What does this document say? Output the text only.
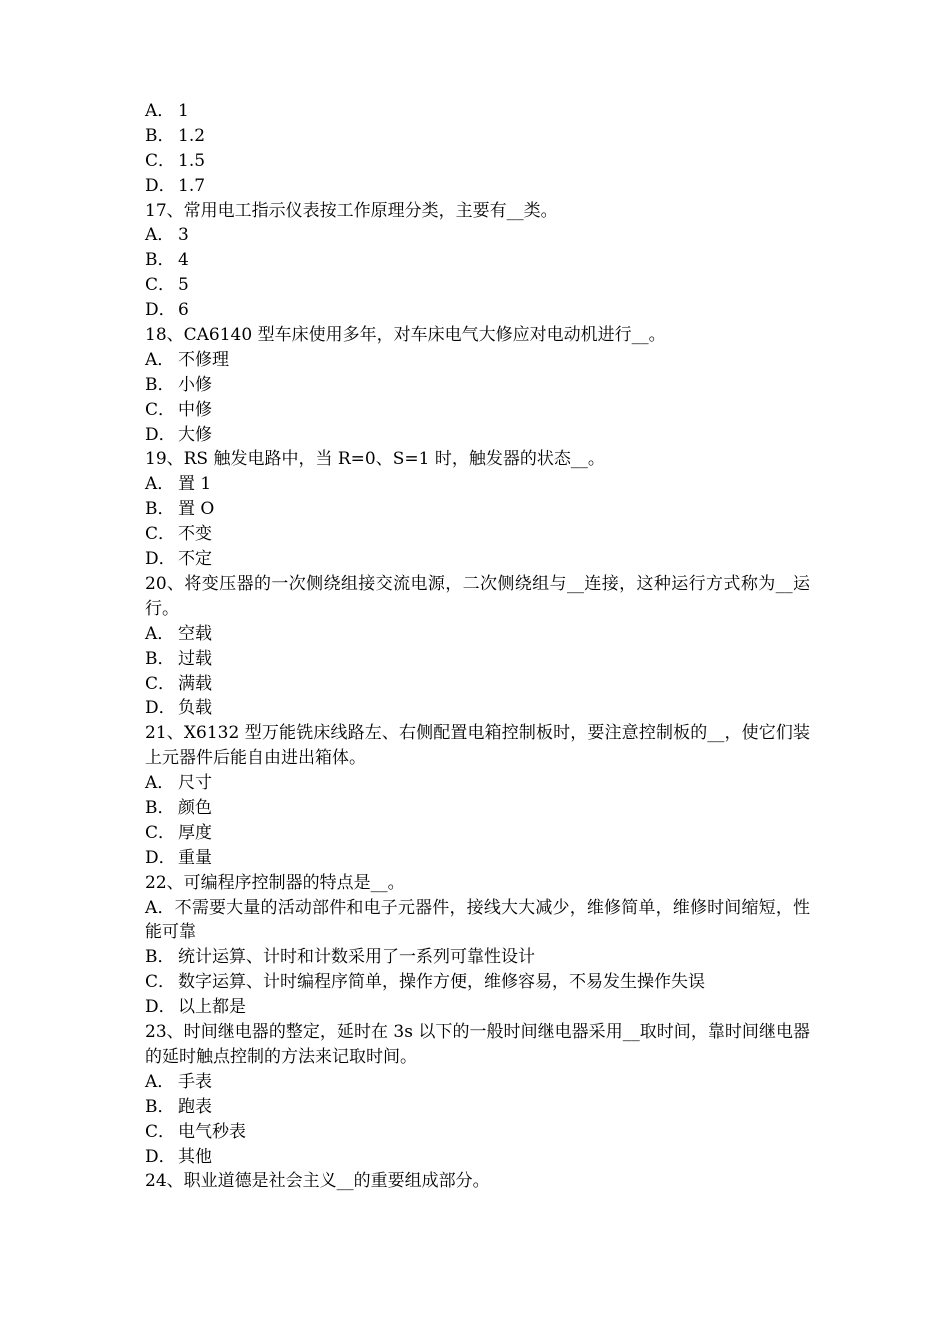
A． 1
B． 1.2
C． 1.5
D． 1.7
17、常用电工指示仪表按工作原理分类，主要有__类。
A． 3
B． 4
C． 5
D． 6
18、CA6140 型车床使用多年，对车床电气大修应对电动机进行__。
A． 不修理
B． 小修
C． 中修
D． 大修
19、RS 触发电路中，当 R=0、S=1 时，触发器的状态__。
A． 置 1
B． 置 O
C． 不变
D． 不定
20、将变压器的一次侧绕组接交流电源，二次侧绕组与__连接，这种运行方式称为__运行。
A． 空载
B． 过载
C． 满载
D． 负载
21、X6132 型万能铣床线路左、右侧配置电箱控制板时，要注意控制板的__，使它们装上元器件后能自由进出箱体。
A． 尺寸
B． 颜色
C． 厚度
D． 重量
22、可编程序控制器的特点是__。
A．不需要大量的活动部件和电子元器件，接线大大减少，维修简单，维修时间缩短，性能可靠
B． 统计运算、计时和计数采用了一系列可靠性设计
C． 数字运算、计时编程序简单，操作方便，维修容易，不易发生操作失误
D． 以上都是
23、时间继电器的整定，延时在 3s 以下的一般时间继电器采用__取时间，靠时间继电器的延时触点控制的方法来记取时间。
A． 手表
B． 跑表
C． 电气秒表
D． 其他
24、职业道德是社会主义__的重要组成部分。
